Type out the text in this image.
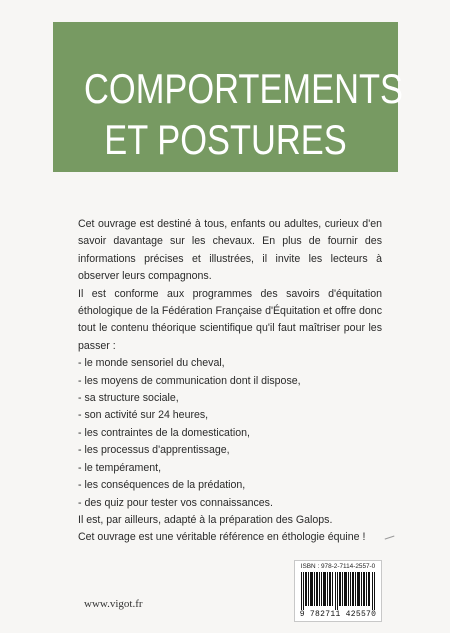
COMPORTEMENTS
ET POSTURES

Cet ouvrage est destiné à tous, enfants ou adultes, curieux d'en savoir davantage sur les chevaux. En plus de fournir des informations précises et illustrées, il invite les lecteurs à observer leurs compagnons.

Il est conforme aux programmes des savoirs d'équitation éthologique de la Fédération Française d'Équitation et offre donc tout le contenu théorique scientifique qu'il faut maîtriser pour les passer :

- le monde sensoriel du cheval,
- les moyens de communication dont il dispose,
- sa structure sociale,
- son activité sur 24 heures,
- les contraintes de la domestication,
- les processus d'apprentissage,
- le tempérament,
- les conséquences de la prédation,
- des quiz pour tester vos connaissances.

Il est, par ailleurs, adapté à la préparation des Galops.

Cet ouvrage est une véritable référence en éthologie équine !

www.vigot.fr
ISBN : 978-2-7114-2557-0
9 782711 425570
